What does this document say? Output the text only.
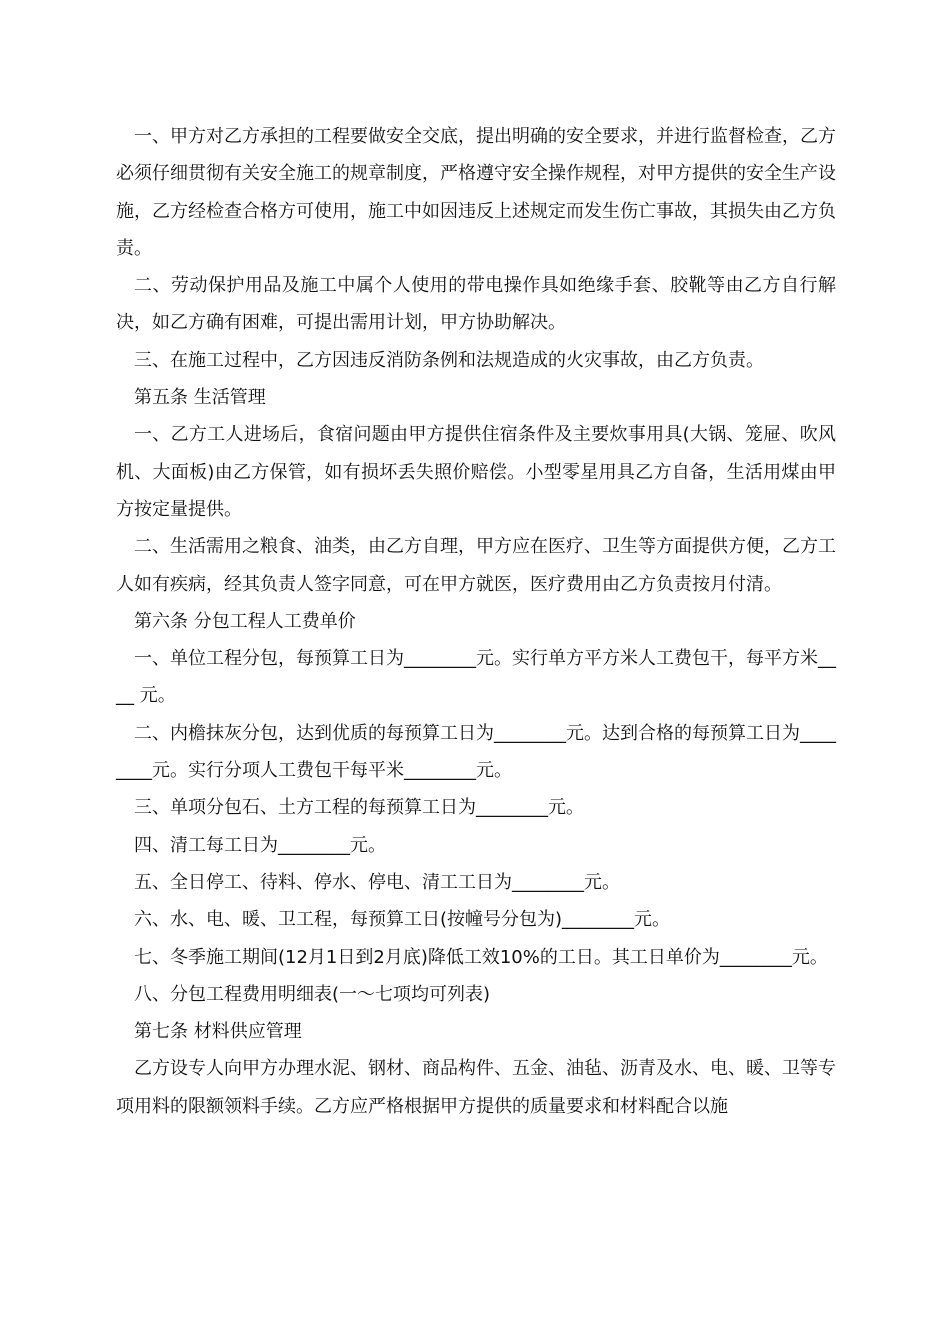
一、甲方对乙方承担的工程要做安全交底，提出明确的安全要求，并进行监督检查，乙方必须仔细贯彻有关安全施工的规章制度，严格遵守安全操作规程，对甲方提供的安全生产设施，乙方经检查合格方可使用，施工中如因违反上述规定而发生伤亡事故，其损失由乙方负责。

二、劳动保护用品及施工中属个人使用的带电操作具如绝缘手套、胶靴等由乙方自行解决，如乙方确有困难，可提出需用计划，甲方协助解决。

三、在施工过程中，乙方因违反消防条例和法规造成的火灾事故，由乙方负责。

第五条 生活管理

一、乙方工人进场后，食宿问题由甲方提供住宿条件及主要炊事用具(大锅、笼屉、吹风机、大面板)由乙方保管，如有损坏丢失照价赔偿。小型零星用具乙方自备，生活用煤由甲方按定量提供。

二、生活需用之粮食、油类，由乙方自理，甲方应在医疗、卫生等方面提供方便，乙方工人如有疾病，经其负责人签字同意，可在甲方就医，医疗费用由乙方负责按月付清。

第六条 分包工程人工费单价

一、单位工程分包，每预算工日为________元。实行单方平方米人工费包干，每平方米____ 元。

二、内檐抹灰分包，达到优质的每预算工日为________元。达到合格的每预算工日为________元。实行分项人工费包干每平米________元。

三、单项分包石、土方工程的每预算工日为________元。

四、清工每工日为________元。

五、全日停工、待料、停水、停电、清工工日为________元。

六、水、电、暖、卫工程，每预算工日(按幢号分包为)________元。

七、冬季施工期间(12月1日到2月底)降低工效10%的工日。其工日单价为________元。

八、分包工程费用明细表(一～七项均可列表)

第七条 材料供应管理

乙方设专人向甲方办理水泥、钢材、商品构件、五金、油毡、沥青及水、电、暖、卫等专项用料的限额领料手续。乙方应严格根据甲方提供的质量要求和材料配合以施
